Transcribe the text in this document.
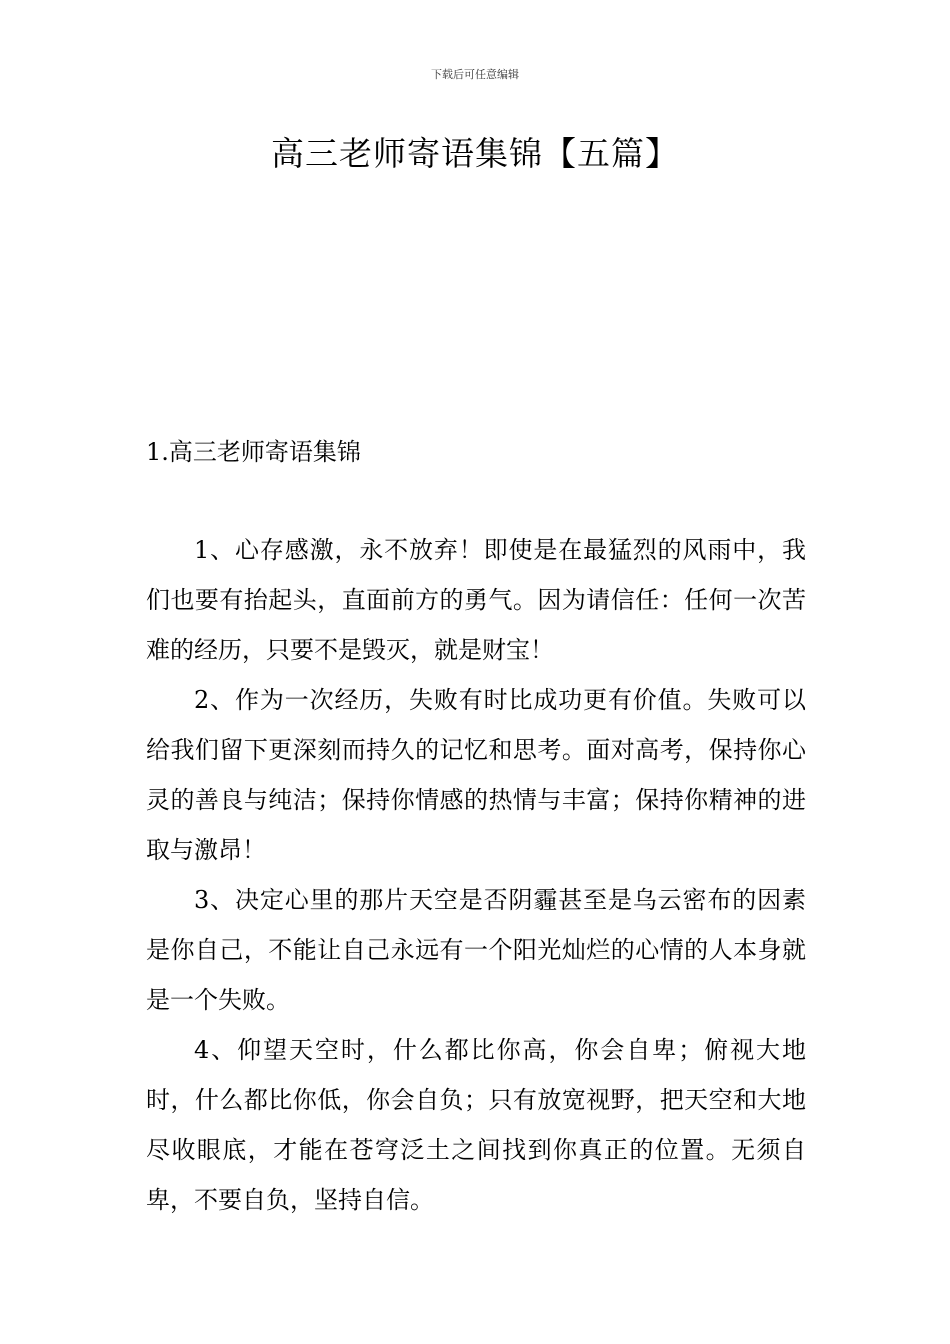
下载后可任意编辑
高三老师寄语集锦【五篇】
1.高三老师寄语集锦

1、心存感激，永不放弃！即使是在最猛烈的风雨中，我们也要有抬起头，直面前方的勇气。因为请信任：任何一次苦难的经历，只要不是毁灭，就是财宝！

2、作为一次经历，失败有时比成功更有价值。失败可以给我们留下更深刻而持久的记忆和思考。面对高考，保持你心灵的善良与纯洁；保持你情感的热情与丰富；保持你精神的进取与激昂！

3、决定心里的那片天空是否阴霾甚至是乌云密布的因素是你自己，不能让自己永远有一个阳光灿烂的心情的人本身就是一个失败。

4、仰望天空时，什么都比你高，你会自卑；俯视大地时，什么都比你低，你会自负；只有放宽视野，把天空和大地尽收眼底，才能在苍穹泛土之间找到你真正的位置。无须自卑，不要自负，坚持自信。
